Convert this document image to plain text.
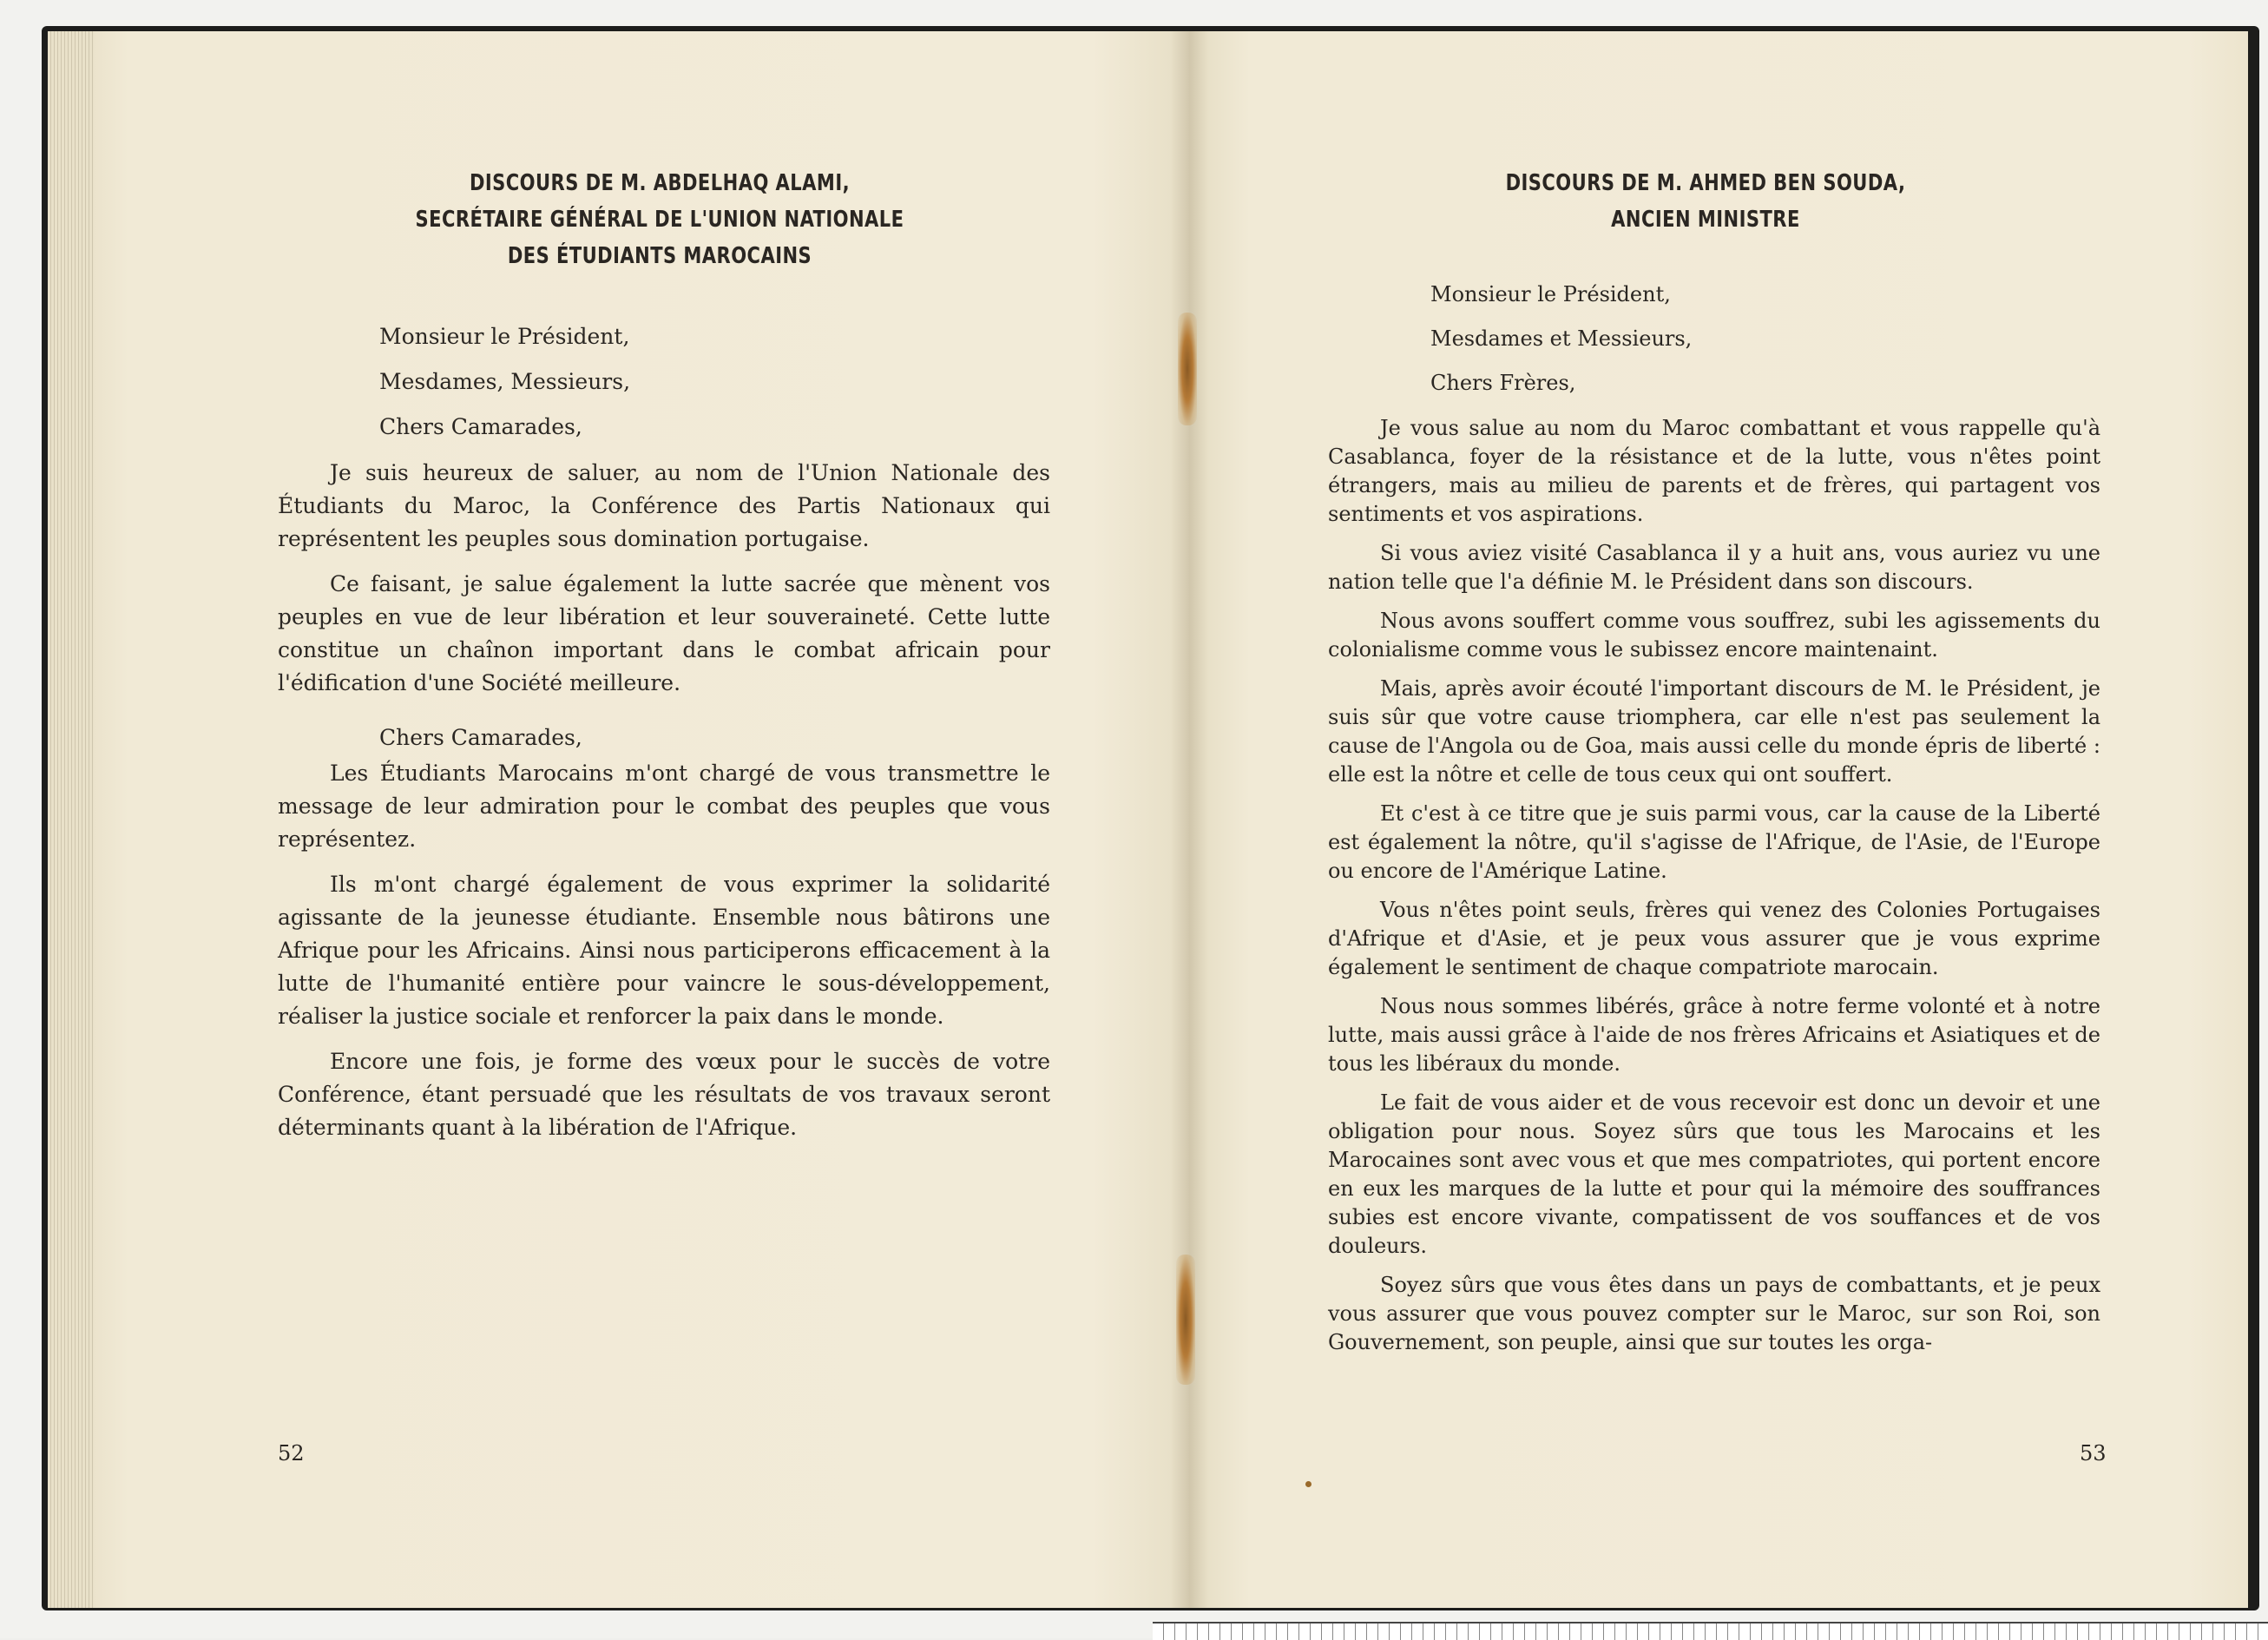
DISCOURS DE M. ABDELHAQ ALAMI,
SECRÉTAIRE GÉNÉRAL DE L'UNION NATIONALE
DES ÉTUDIANTS MAROCAINS

Monsieur le Président,

Mesdames, Messieurs,

Chers Camarades,

Je suis heureux de saluer, au nom de l'Union Nationale des Étudiants du Maroc, la Conférence des Partis Nationaux qui représentent les peuples sous domination portugaise.

Ce faisant, je salue également la lutte sacrée que mènent vos peuples en vue de leur libération et leur souveraineté. Cette lutte constitue un chaînon important dans le combat africain pour l'édification d'une Société meilleure.

Chers Camarades,

Les Étudiants Marocains m'ont chargé de vous transmettre le message de leur admiration pour le combat des peuples que vous représentez.

Ils m'ont chargé également de vous exprimer la solidarité agissante de la jeunesse étudiante. Ensemble nous bâtirons une Afrique pour les Africains. Ainsi nous participerons efficacement à la lutte de l'humanité entière pour vaincre le sous-développement, réaliser la justice sociale et renforcer la paix dans le monde.

Encore une fois, je forme des vœux pour le succès de votre Conférence, étant persuadé que les résultats de vos travaux seront déterminants quant à la libération de l'Afrique.

52
DISCOURS DE M. AHMED BEN SOUDA,
ANCIEN MINISTRE

Monsieur le Président,

Mesdames et Messieurs,

Chers Frères,

Je vous salue au nom du Maroc combattant et vous rappelle qu'à Casablanca, foyer de la résistance et de la lutte, vous n'êtes point étrangers, mais au milieu de parents et de frères, qui partagent vos sentiments et vos aspirations.

Si vous aviez visité Casablanca il y a huit ans, vous auriez vu une nation telle que l'a définie M. le Président dans son discours.

Nous avons souffert comme vous souffrez, subi les agissements du colonialisme comme vous le subissez encore maintenaint.

Mais, après avoir écouté l'important discours de M. le Président, je suis sûr que votre cause triomphera, car elle n'est pas seulement la cause de l'Angola ou de Goa, mais aussi celle du monde épris de liberté : elle est la nôtre et celle de tous ceux qui ont souffert.

Et c'est à ce titre que je suis parmi vous, car la cause de la Liberté est également la nôtre, qu'il s'agisse de l'Afrique, de l'Asie, de l'Europe ou encore de l'Amérique Latine.

Vous n'êtes point seuls, frères qui venez des Colonies Portugaises d'Afrique et d'Asie, et je peux vous assurer que je vous exprime également le sentiment de chaque compatriote marocain.

Nous nous sommes libérés, grâce à notre ferme volonté et à notre lutte, mais aussi grâce à l'aide de nos frères Africains et Asiatiques et de tous les libéraux du monde.

Le fait de vous aider et de vous recevoir est donc un devoir et une obligation pour nous. Soyez sûrs que tous les Marocains et les Marocaines sont avec vous et que mes compatriotes, qui portent encore en eux les marques de la lutte et pour qui la mémoire des souffrances subies est encore vivante, compatissent de vos souffances et de vos douleurs.

Soyez sûrs que vous êtes dans un pays de combattants, et je peux vous assurer que vous pouvez compter sur le Maroc, sur son Roi, son Gouvernement, son peuple, ainsi que sur toutes les orga-

53
